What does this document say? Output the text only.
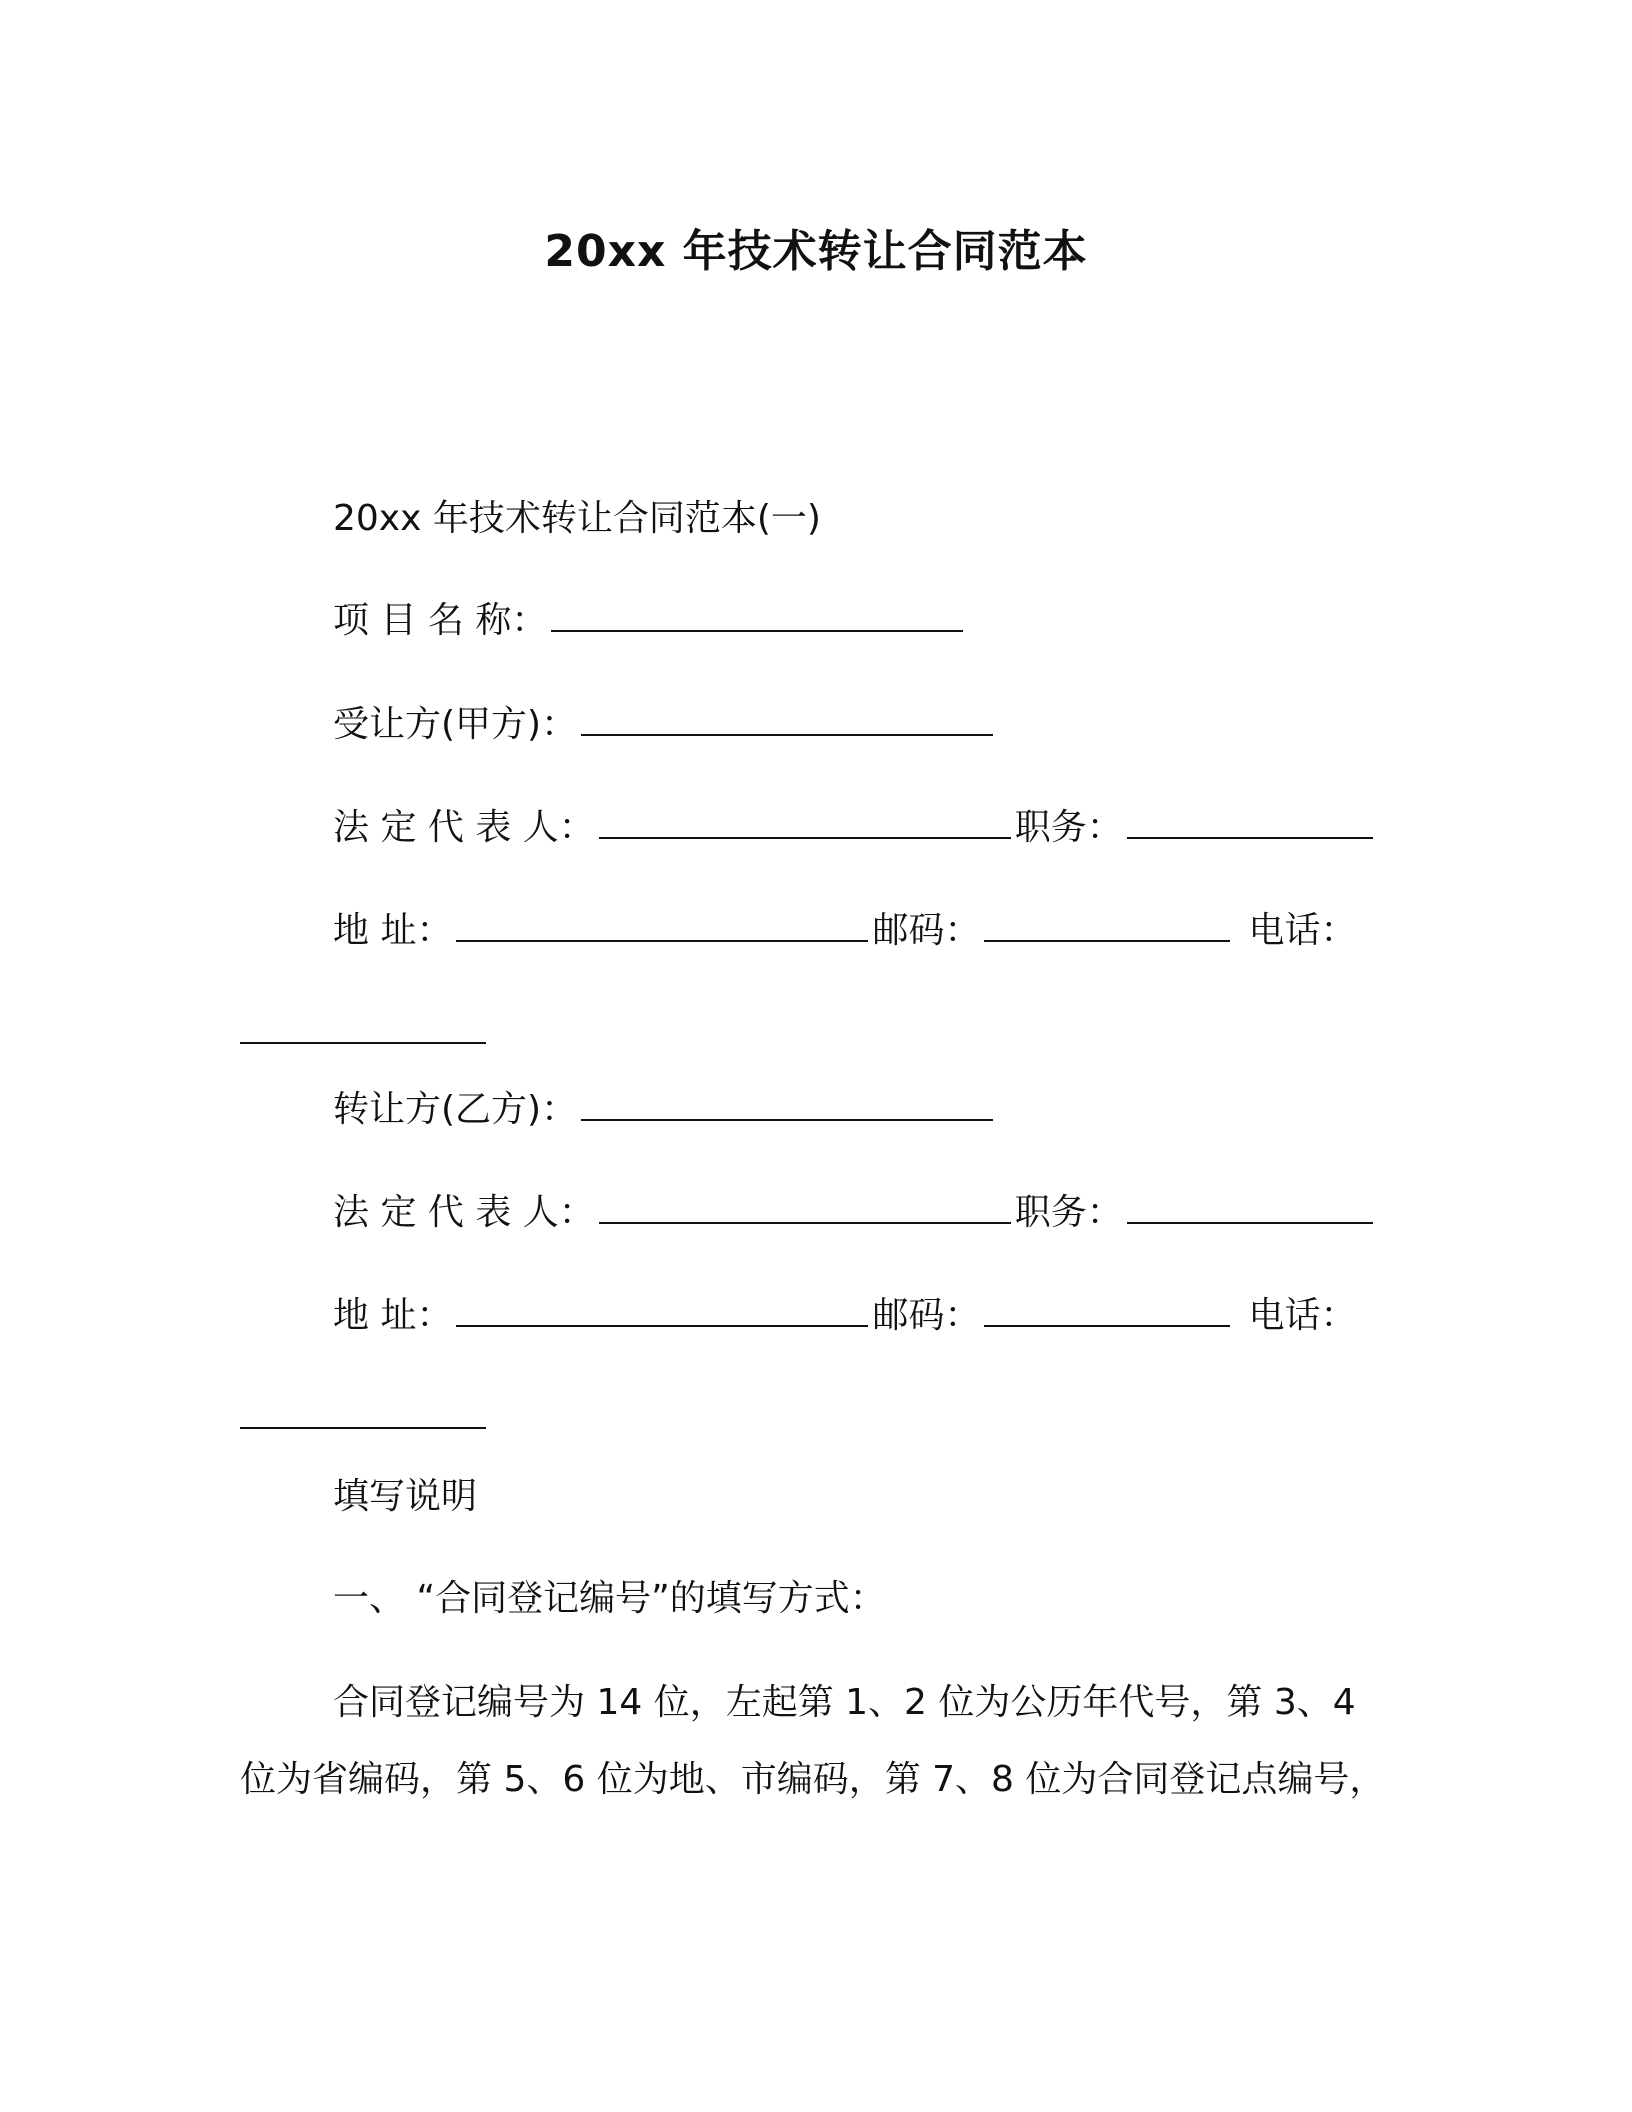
20xx 年技术转让合同范本
20xx 年技术转让合同范本(一)
项 目 名 称：
受让方(甲方)：
法 定 代 表 人：	职务：
地 址：	邮码：	电话：
转让方(乙方)：
法 定 代 表 人：	职务：
地 址：	邮码：	电话：
填写说明
一、 “合同登记编号”的填写方式：
合同登记编号为 14 位，左起第 1、2 位为公历年代号，第 3、4
位为省编码，第 5、6 位为地、市编码，第 7、8 位为合同登记点编号，
